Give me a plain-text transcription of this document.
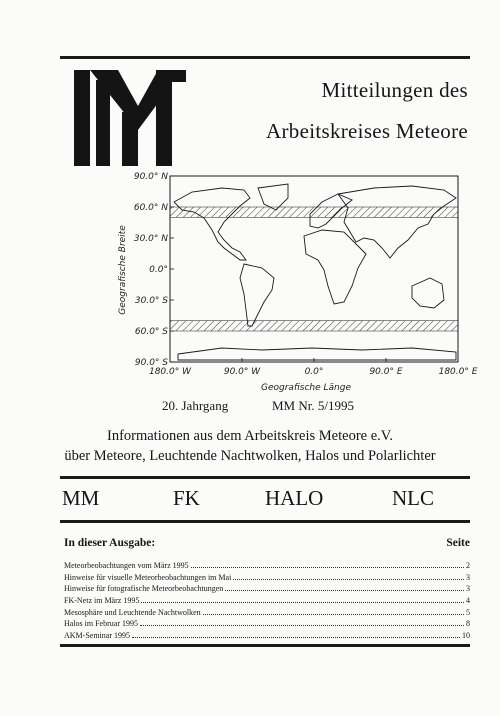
Mitteilungen des
Arbeitskreises Meteore
90.0° N
60.0° N
30.0° N
0.0°
30.0° S
60.0° S
90.0° S
180.0° W	90.0° W	0.0°	90.0° E	180.0° E
Geografische Länge
Geografische Breite
20. Jahrgang	MM Nr. 5/1995
Informationen aus dem Arbeitskreis Meteore e.V.
über Meteore, Leuchtende Nachtwolken, Halos und Polarlichter
MM	FK	HALO	NLC
In dieser Ausgabe:	Seite
Meteorbeobachtungen vom März 1995	2
Hinweise für visuelle Meteorbeobachtungen im Mai	3
Hinweise für fotografische Meteorbeobachtungen	3
FK-Netz im März 1995	4
Mesosphäre und Leuchtende Nachtwolken	5
Halos im Februar 1995	8
AKM-Seminar 1995	10
